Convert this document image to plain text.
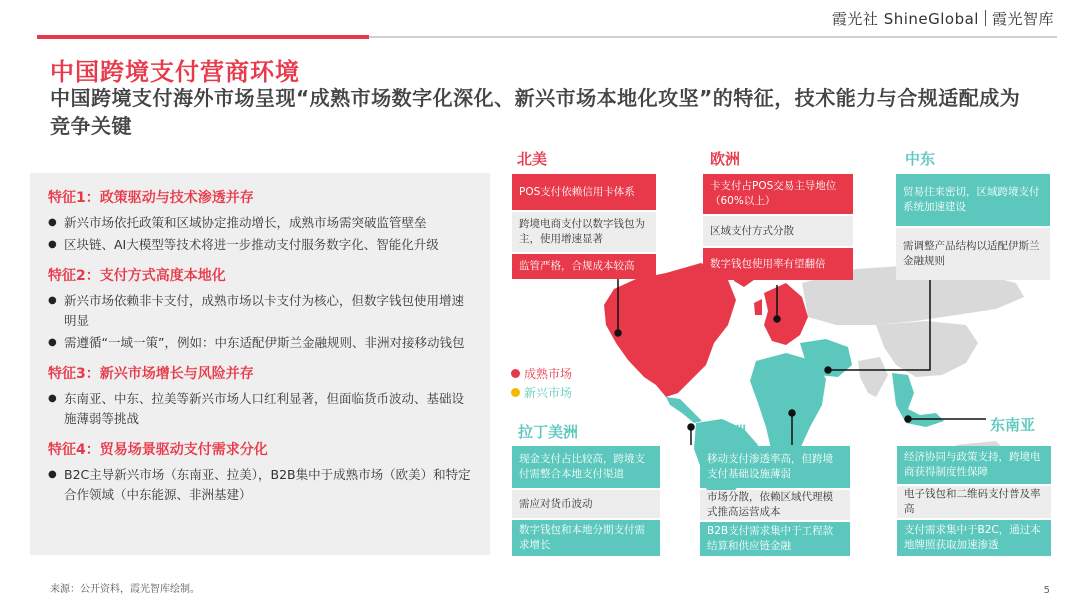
霞光社 ShineGlobal 霞光智库
中国跨境支付营商环境
中国跨境支付海外市场呈现“成熟市场数字化深化、新兴市场本地化攻坚”的特征，技术能力与合规适配成为竞争关键
特征1：政策驱动与技术渗透并存
● 新兴市场依托政策和区域协定推动增长，成熟市场需突破监管壁垒
● 区块链、AI大模型等技术将进一步推动支付服务数字化、智能化升级
特征2：支付方式高度本地化
● 新兴市场依赖非卡支付，成熟市场以卡支付为核心，但数字钱包使用增速明显
● 需遵循“一域一策”，例如：中东适配伊斯兰金融规则、非洲对接移动钱包
特征3：新兴市场增长与风险并存
● 东南亚、中东、拉美等新兴市场人口红利显著，但面临货币波动、基础设施薄弱等挑战
特征4：贸易场景驱动支付需求分化
● B2C主导新兴市场（东南亚、拉美），B2B集中于成熟市场（欧美）和特定合作领域（中东能源、非洲基建）
北美
POS支付依赖信用卡体系
跨境电商支付以数字钱包为主，使用增速显著
监管严格，合规成本较高
欧洲
卡支付占POS交易主导地位（60%以上）
区域支付方式分散
数字钱包使用率有望翻倍
中东
贸易往来密切，区域跨境支付系统加速建设
需调整产品结构以适配伊斯兰金融规则
成熟市场
新兴市场
拉丁美洲
现金支付占比较高，跨境支付需整合本地支付渠道
需应对货币波动
数字钱包和本地分期支付需求增长
非洲
移动支付渗透率高，但跨境支付基础设施薄弱
市场分散，依赖区域代理模式推高运营成本
B2B支付需求集中于工程款结算和供应链金融
东南亚
经济协同与政策支持，跨境电商获得制度性保障
电子钱包和二维码支付普及率高
支付需求集中于B2C，通过本地牌照获取加速渗透
来源：公开资料，霞光智库绘制。	5
